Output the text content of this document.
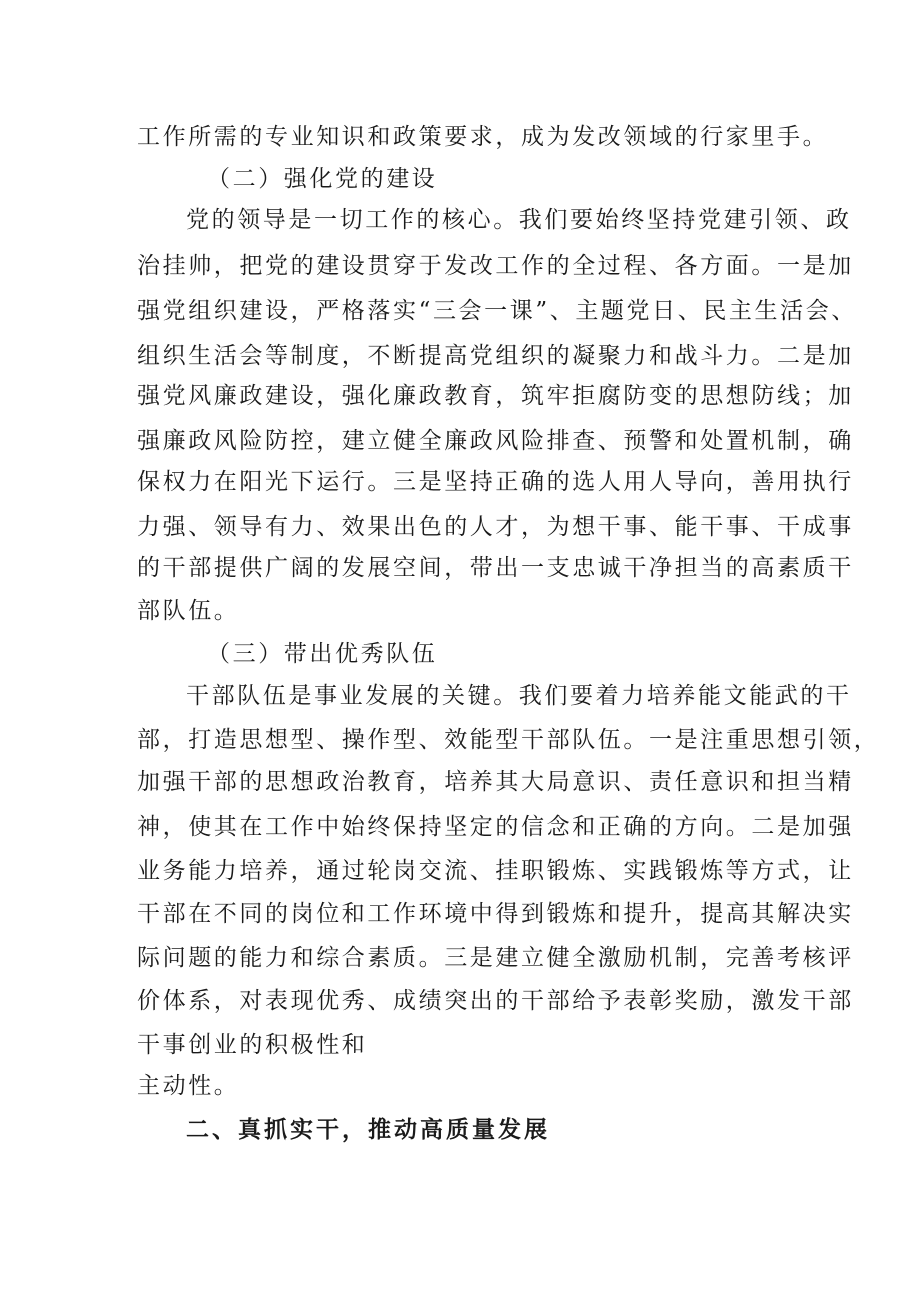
工作所需的专业知识和政策要求，成为发改领域的行家里手。
（二）强化党的建设
党的领导是一切工作的核心。我们要始终坚持党建引领、政
治挂帅，把党的建设贯穿于发改工作的全过程、各方面。一是加
强党组织建设，严格落实“三会一课”、主题党日、民主生活会、
组织生活会等制度，不断提高党组织的凝聚力和战斗力。二是加
强党风廉政建设，强化廉政教育，筑牢拒腐防变的思想防线；加
强廉政风险防控，建立健全廉政风险排查、预警和处置机制，确
保权力在阳光下运行。三是坚持正确的选人用人导向，善用执行
力强、领导有力、效果出色的人才，为想干事、能干事、干成事
的干部提供广阔的发展空间，带出一支忠诚干净担当的高素质干
部队伍。
（三）带出优秀队伍
干部队伍是事业发展的关键。我们要着力培养能文能武的干
部，打造思想型、操作型、效能型干部队伍。一是注重思想引领，
加强干部的思想政治教育，培养其大局意识、责任意识和担当精
神，使其在工作中始终保持坚定的信念和正确的方向。二是加强
业务能力培养，通过轮岗交流、挂职锻炼、实践锻炼等方式，让
干部在不同的岗位和工作环境中得到锻炼和提升，提高其解决实
际问题的能力和综合素质。三是建立健全激励机制，完善考核评
价体系，对表现优秀、成绩突出的干部给予表彰奖励，激发干部
干事创业的积极性和
主动性。
二、真抓实干，推动高质量发展
